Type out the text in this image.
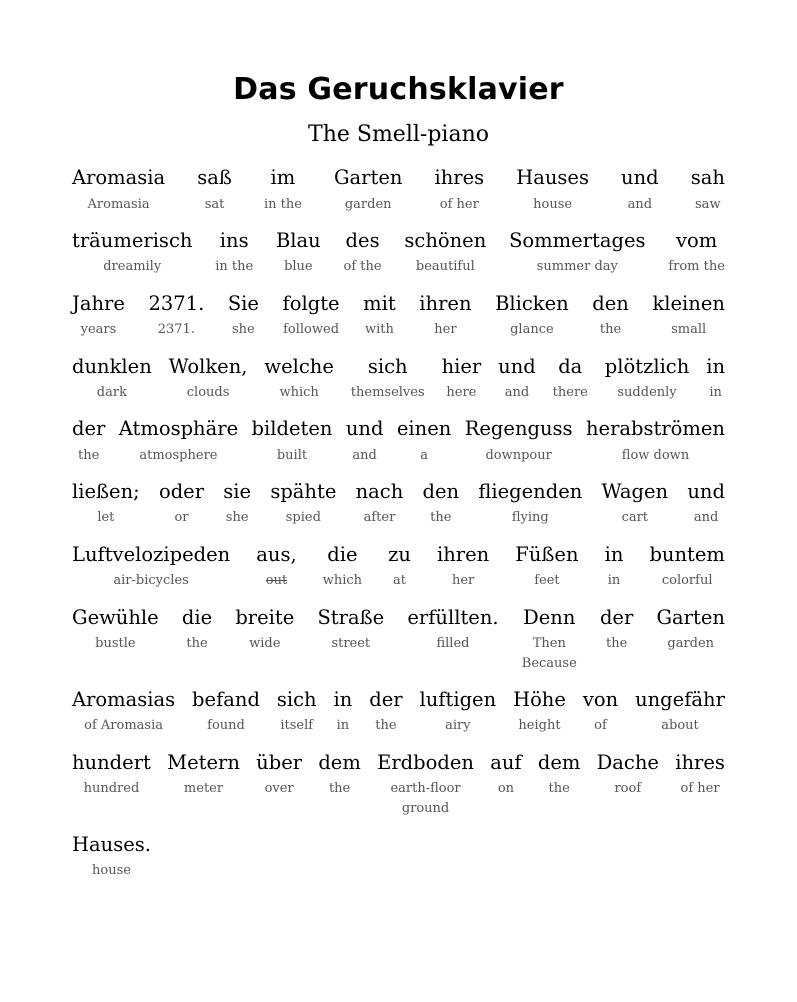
Das Geruchsklavier
The Smell-piano
Aromasia
Aromasia
saß
sat
im
in the
Garten
garden
ihres
of her
Hauses
house
und
and
sah
saw
träumerisch
dreamily
ins
in the
Blau
blue
des
of the
schönen
beautiful
Sommertages
summer day
vom
from the
Jahre
years
2371.
2371.
Sie
she
folgte
followed
mit
with
ihren
her
Blicken
glance
den
the
kleinen
small
dunklen
dark
Wolken,
clouds
welche
which
sich
themselves
hier
here
und
and
da
there
plötzlich
suddenly
in
in
der
the
Atmosphäre
atmosphere
bildeten
built
und
and
einen
a
Regenguss
downpour
herabströmen
flow down
ließen;
let
oder
or
sie
she
spähte
spied
nach
after
den
the
fliegenden
flying
Wagen
cart
und
and
Luftvelozipeden
air-bicycles
aus,
out
die
which
zu
at
ihren
her
Füßen
feet
in
in
buntem
colorful
Gewühle
bustle
die
the
breite
wide
Straße
street
erfüllten.
filled
Denn
Then
Because
der
the
Garten
garden
Aromasias
of Aromasia
befand
found
sich
itself
in
in
der
the
luftigen
airy
Höhe
height
von
of
ungefähr
about
hundert
hundred
Metern
meter
über
over
dem
the
Erdboden
earth-floor
ground
auf
on
dem
the
Dache
roof
ihres
of her
Hauses.
house
